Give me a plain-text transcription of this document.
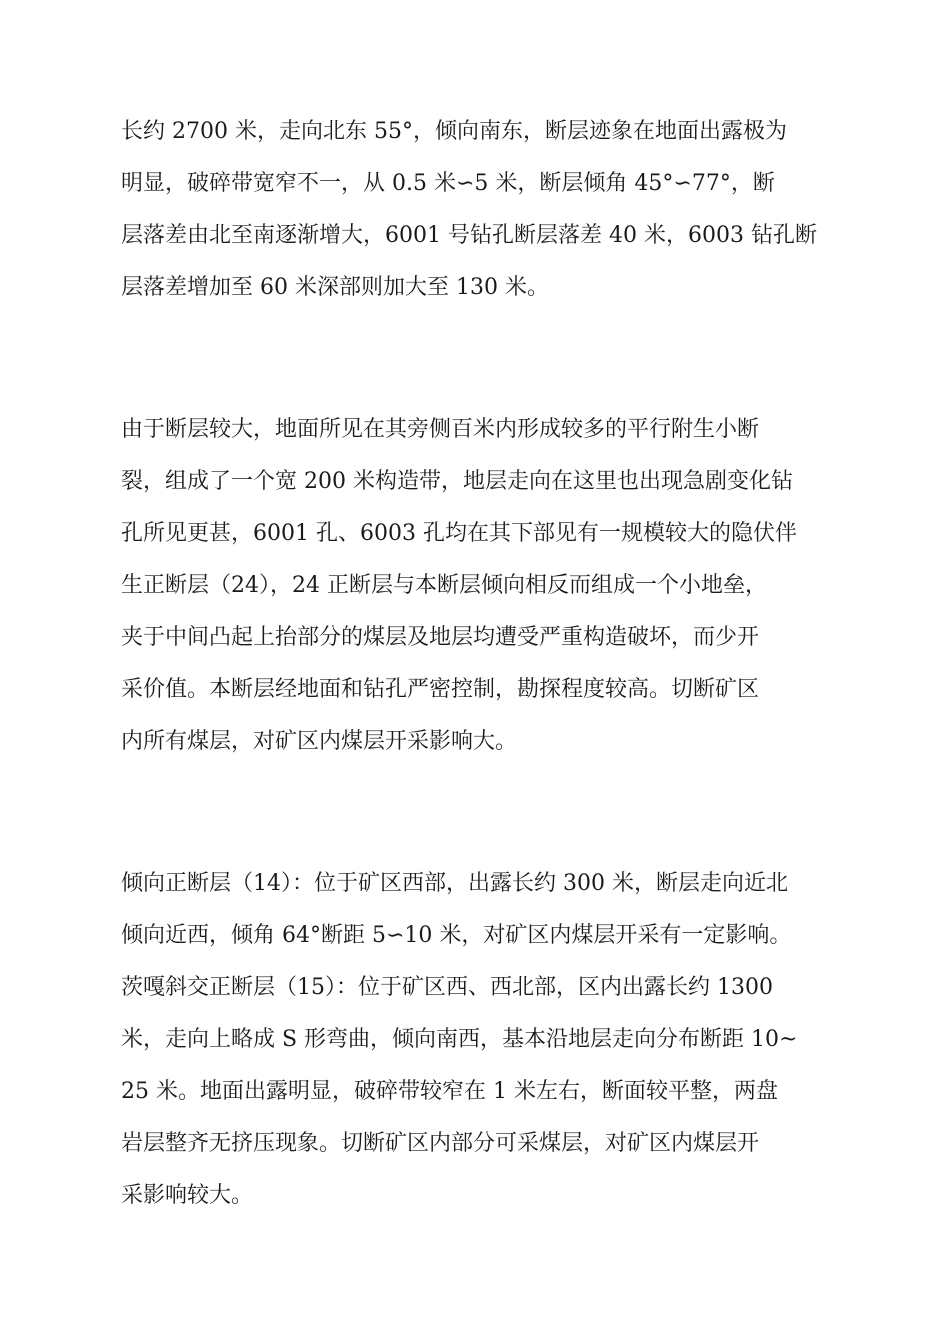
长约 2700 米，走向北东 55°，倾向南东，断层迹象在地面出露极为
明显，破碎带宽窄不一，从 0.5 米∽5 米，断层倾角 45°∽77°，断
层落差由北至南逐渐增大，6001 号钻孔断层落差 40 米，6003 钻孔断
层落差增加至 60 米深部则加大至 130 米。
由于断层较大，地面所见在其旁侧百米内形成较多的平行附生小断
裂，组成了一个宽 200 米构造带，地层走向在这里也出现急剧变化钻
孔所见更甚，6001 孔、6003 孔均在其下部见有一规模较大的隐伏伴
生正断层（24），24 正断层与本断层倾向相反而组成一个小地垒，
夹于中间凸起上抬部分的煤层及地层均遭受严重构造破坏，而少开
采价值。本断层经地面和钻孔严密控制，勘探程度较高。切断矿区
内所有煤层，对矿区内煤层开采影响大。
倾向正断层（14）：位于矿区西部，出露长约 300 米，断层走向近北
倾向近西，倾角 64°断距 5∽10 米，对矿区内煤层开采有一定影响。
茨嘎斜交正断层（15）：位于矿区西、西北部，区内出露长约 1300
米，走向上略成 S 形弯曲，倾向南西，基本沿地层走向分布断距 10~
25 米。地面出露明显，破碎带较窄在 1 米左右，断面较平整，两盘
岩层整齐无挤压现象。切断矿区内部分可采煤层，对矿区内煤层开
采影响较大。
